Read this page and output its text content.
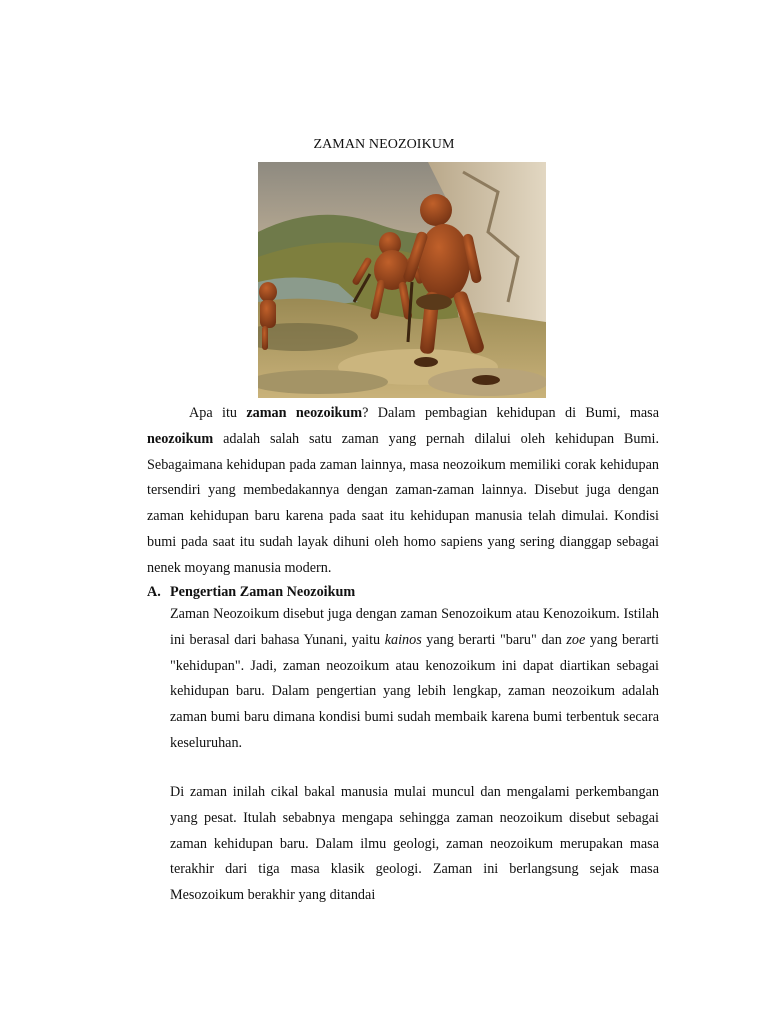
ZAMAN NEOZOIKUM
Apa itu zaman neozoikum? Dalam pembagian kehidupan di Bumi, masa neozoikum adalah salah satu zaman yang pernah dilalui oleh kehidupan Bumi. Sebagaimana kehidupan pada zaman lainnya, masa neozoikum memiliki corak kehidupan tersendiri yang membedakannya dengan zaman-zaman lainnya. Disebut juga dengan zaman kehidupan baru karena pada saat itu kehidupan manusia telah dimulai. Kondisi bumi pada saat itu sudah layak dihuni oleh homo sapiens yang sering dianggap sebagai nenek moyang manusia modern.
A. Pengertian Zaman Neozoikum
Zaman Neozoikum disebut juga dengan zaman Senozoikum atau Kenozoikum. Istilah ini berasal dari bahasa Yunani, yaitu kainos yang berarti "baru" dan zoe yang berarti "kehidupan". Jadi, zaman neozoikum atau kenozoikum ini dapat diartikan sebagai kehidupan baru. Dalam pengertian yang lebih lengkap, zaman neozoikum adalah zaman bumi baru dimana kondisi bumi sudah membaik karena bumi terbentuk secara keseluruhan.
Di zaman inilah cikal bakal manusia mulai muncul dan mengalami perkembangan yang pesat. Itulah sebabnya mengapa sehingga zaman neozoikum disebut sebagai zaman kehidupan baru. Dalam ilmu geologi, zaman neozoikum merupakan masa terakhir dari tiga masa klasik geologi. Zaman ini berlangsung sejak masa Mesozoikum berakhir yang ditandai
